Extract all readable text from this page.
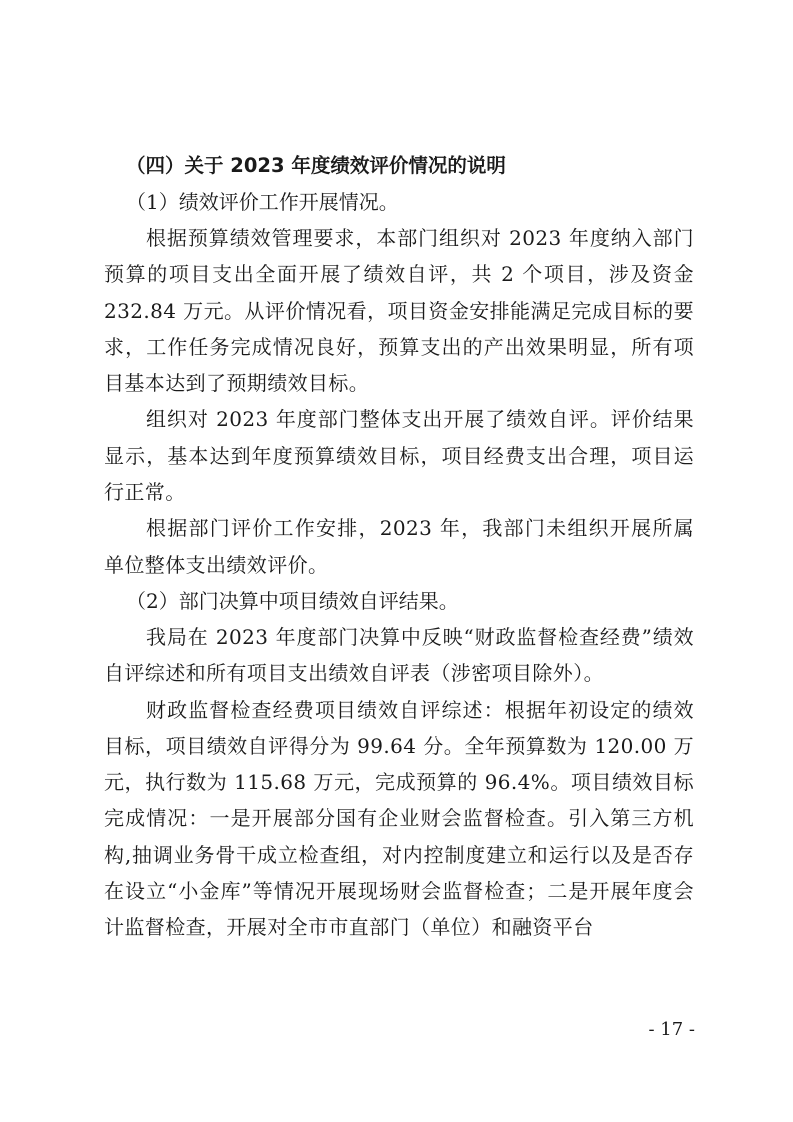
（四）关于 2023 年度绩效评价情况的说明

（1）绩效评价工作开展情况。

根据预算绩效管理要求，本部门组织对 2023 年度纳入部门预算的项目支出全面开展了绩效自评，共 2 个项目，涉及资金 232.84 万元。从评价情况看，项目资金安排能满足完成目标的要求，工作任务完成情况良好，预算支出的产出效果明显，所有项目基本达到了预期绩效目标。

组织对 2023 年度部门整体支出开展了绩效自评。评价结果显示，基本达到年度预算绩效目标，项目经费支出合理，项目运行正常。

根据部门评价工作安排，2023 年，我部门未组织开展所属单位整体支出绩效评价。

（2）部门决算中项目绩效自评结果。

我局在 2023 年度部门决算中反映“财政监督检查经费”绩效自评综述和所有项目支出绩效自评表（涉密项目除外）。

财政监督检查经费项目绩效自评综述：根据年初设定的绩效目标，项目绩效自评得分为 99.64 分。全年预算数为 120.00 万元，执行数为 115.68 万元，完成预算的 96.4%。项目绩效目标完成情况：一是开展部分国有企业财会监督检查。引入第三方机构,抽调业务骨干成立检查组，对内控制度建立和运行以及是否存在设立“小金库”等情况开展现场财会监督检查；二是开展年度会计监督检查，开展对全市市直部门（单位）和融资平台

- 17 -
